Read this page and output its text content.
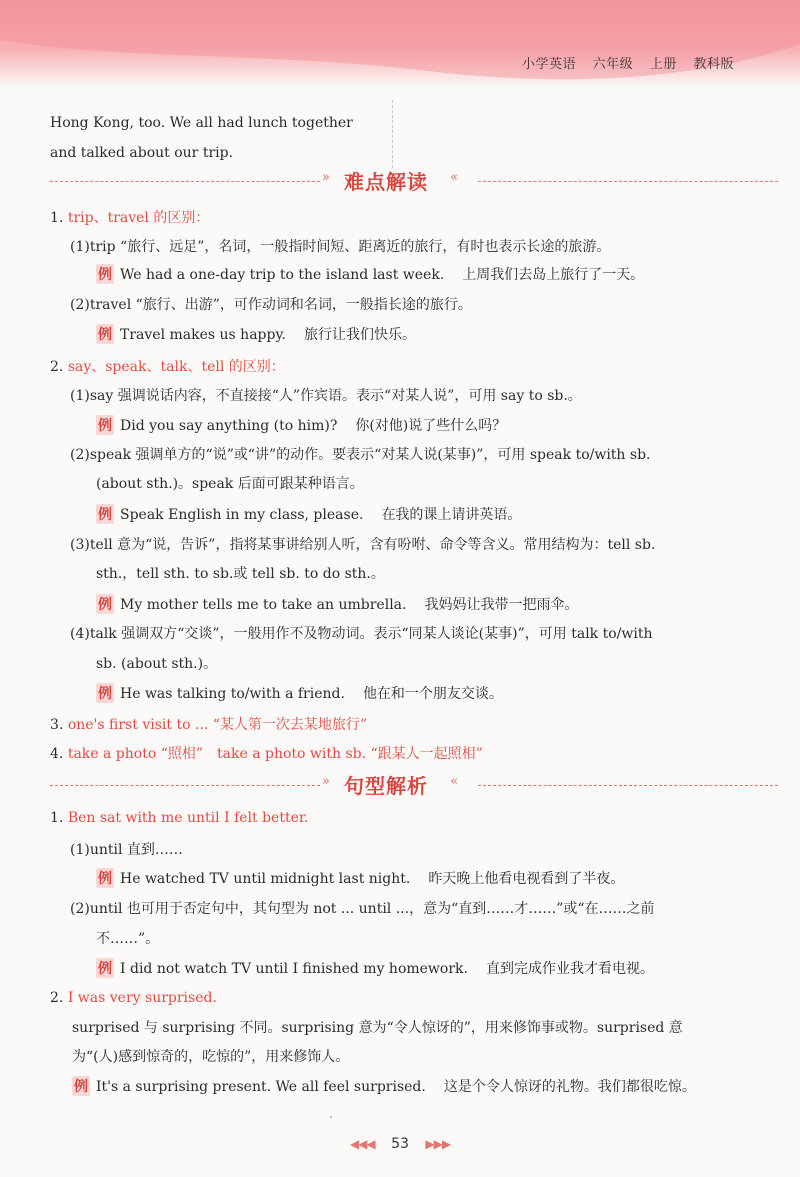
小学英语 六年级 上册 教科版
Hong Kong, too. We all had lunch together
and talked about our trip.
» 难点解读 «
1. trip、travel 的区别：
(1)trip “旅行、远足”，名词，一般指时间短、距离近的旅行，有时也表示长途的旅游。
例 We had a one-day trip to the island last week. 上周我们去岛上旅行了一天。
(2)travel “旅行、出游”，可作动词和名词，一般指长途的旅行。
例 Travel makes us happy. 旅行让我们快乐。
2. say、speak、talk、tell 的区别：
(1)say 强调说话内容，不直接接“人”作宾语。表示“对某人说”，可用 say to sb.。
例 Did you say anything (to him)? 你(对他)说了些什么吗？
(2)speak 强调单方的“说”或“讲”的动作。要表示“对某人说(某事)”，可用 speak to/with sb.
(about sth.)。speak 后面可跟某种语言。
例 Speak English in my class, please. 在我的课上请讲英语。
(3)tell 意为“说，告诉”，指将某事讲给别人听，含有吩咐、命令等含义。常用结构为：tell sb.
sth.，tell sth. to sb.或 tell sb. to do sth.。
例 My mother tells me to take an umbrella. 我妈妈让我带一把雨伞。
(4)talk 强调双方“交谈”，一般用作不及物动词。表示“同某人谈论(某事)”，可用 talk to/with
sb. (about sth.)。
例 He was talking to/with a friend. 他在和一个朋友交谈。
3. one's first visit to ... “某人第一次去某地旅行”
4. take a photo “照相”　take a photo with sb. “跟某人一起照相”
» 句型解析 «
1. Ben sat with me until I felt better.
(1)until 直到……
例 He watched TV until midnight last night. 昨天晚上他看电视看到了半夜。
(2)until 也可用于否定句中，其句型为 not ... until ...，意为“直到……才……”或“在……之前
不……”。
例 I did not watch TV until I finished my homework. 直到完成作业我才看电视。
2. I was very surprised.
surprised 与 surprising 不同。surprising 意为“令人惊讶的”，用来修饰事或物。surprised 意
为“(人)感到惊奇的，吃惊的”，用来修饰人。
例 It's a surprising present. We all feel surprised. 这是个令人惊讶的礼物。我们都很吃惊。
◀◀◀ 53 ▶▶▶
